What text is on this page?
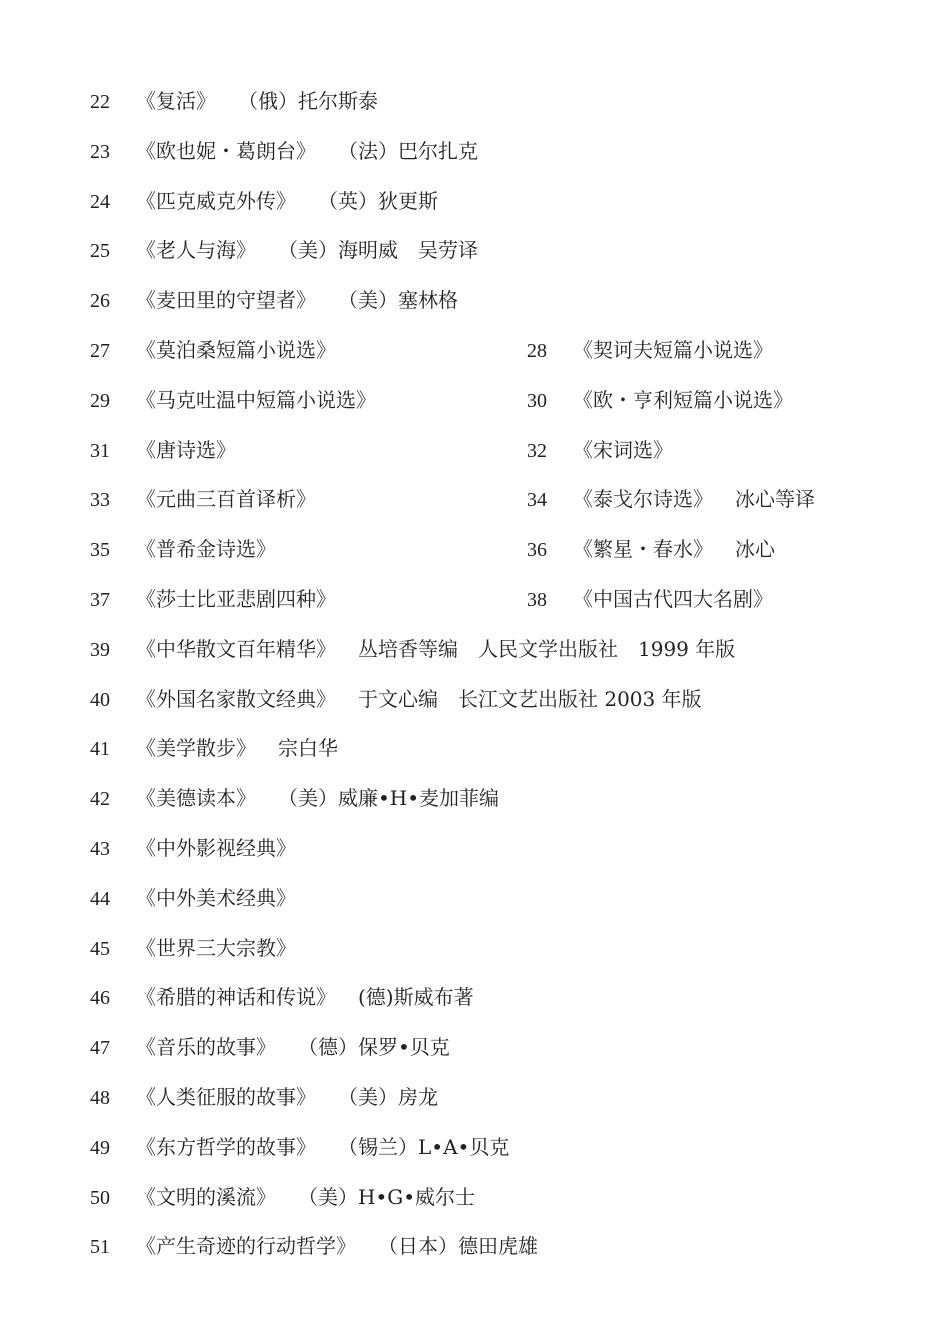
22 《复活》 （俄）托尔斯泰
23 《欧也妮・葛朗台》 （法）巴尔扎克
24 《匹克威克外传》 （英）狄更斯
25 《老人与海》 （美）海明威　吴劳译
26 《麦田里的守望者》 （美）塞林格
27 《莫泊桑短篇小说选》	28 《契诃夫短篇小说选》
29 《马克吐温中短篇小说选》	30 《欧・亨利短篇小说选》
31 《唐诗选》	32 《宋词选》
33 《元曲三百首译析》	34 《泰戈尔诗选》 冰心等译
35 《普希金诗选》	36 《繁星・春水》 冰心
37 《莎士比亚悲剧四种》	38 《中国古代四大名剧》
39 《中华散文百年精华》 丛培香等编　人民文学出版社　1999 年版
40 《外国名家散文经典》 于文心编　长江文艺出版社 2003 年版
41 《美学散步》 宗白华
42 《美德读本》 （美）威廉•H•麦加菲编
43 《中外影视经典》
44 《中外美术经典》
45 《世界三大宗教》
46 《希腊的神话和传说》 (德)斯威布著
47 《音乐的故事》 （德）保罗•贝克
48 《人类征服的故事》 （美）房龙
49 《东方哲学的故事》 （锡兰）L•A•贝克
50 《文明的溪流》 （美）H•G•威尔士
51 《产生奇迹的行动哲学》 （日本）德田虎雄
